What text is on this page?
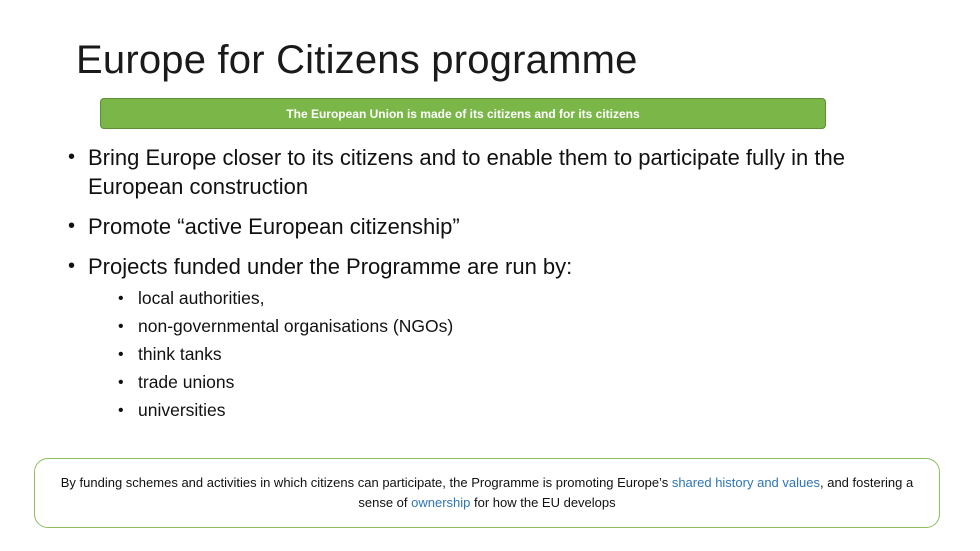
Europe for Citizens programme
The European Union is made of its citizens and for its citizens
• Bring Europe closer to its citizens and to enable them to participate fully in the European construction
• Promote “active European citizenship”
• Projects funded under the Programme are run by:
• local authorities,
• non-governmental organisations (NGOs)
• think tanks
• trade unions
• universities
By funding schemes and activities in which citizens can participate, the Programme is promoting Europe’s shared history and values, and fostering a sense of ownership for how the EU develops
